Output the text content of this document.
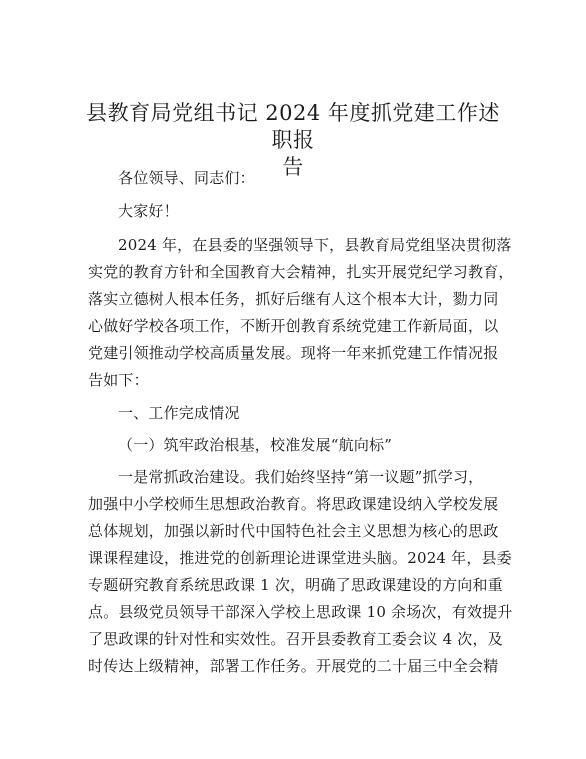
县教育局党组书记 2024 年度抓党建工作述职报
告
各位领导、同志们：
大家好！
2024 年，在县委的坚强领导下，县教育局党组坚决贯彻落
实党的教育方针和全国教育大会精神，扎实开展党纪学习教育，
落实立德树人根本任务，抓好后继有人这个根本大计，勠力同
心做好学校各项工作，不断开创教育系统党建工作新局面，以
党建引领推动学校高质量发展。现将一年来抓党建工作情况报
告如下：
一、工作完成情况
（一）筑牢政治根基，校准发展“航向标”
一是常抓政治建设。我们始终坚持“第一议题”抓学习，
加强中小学校师生思想政治教育。将思政课建设纳入学校发展
总体规划，加强以新时代中国特色社会主义思想为核心的思政
课课程建设，推进党的创新理论进课堂进头脑。2024 年，县委
专题研究教育系统思政课 1 次，明确了思政课建设的方向和重
点。县级党员领导干部深入学校上思政课 10 余场次，有效提升
了思政课的针对性和实效性。召开县委教育工委会议 4 次，及
时传达上级精神，部署工作任务。开展党的二十届三中全会精
